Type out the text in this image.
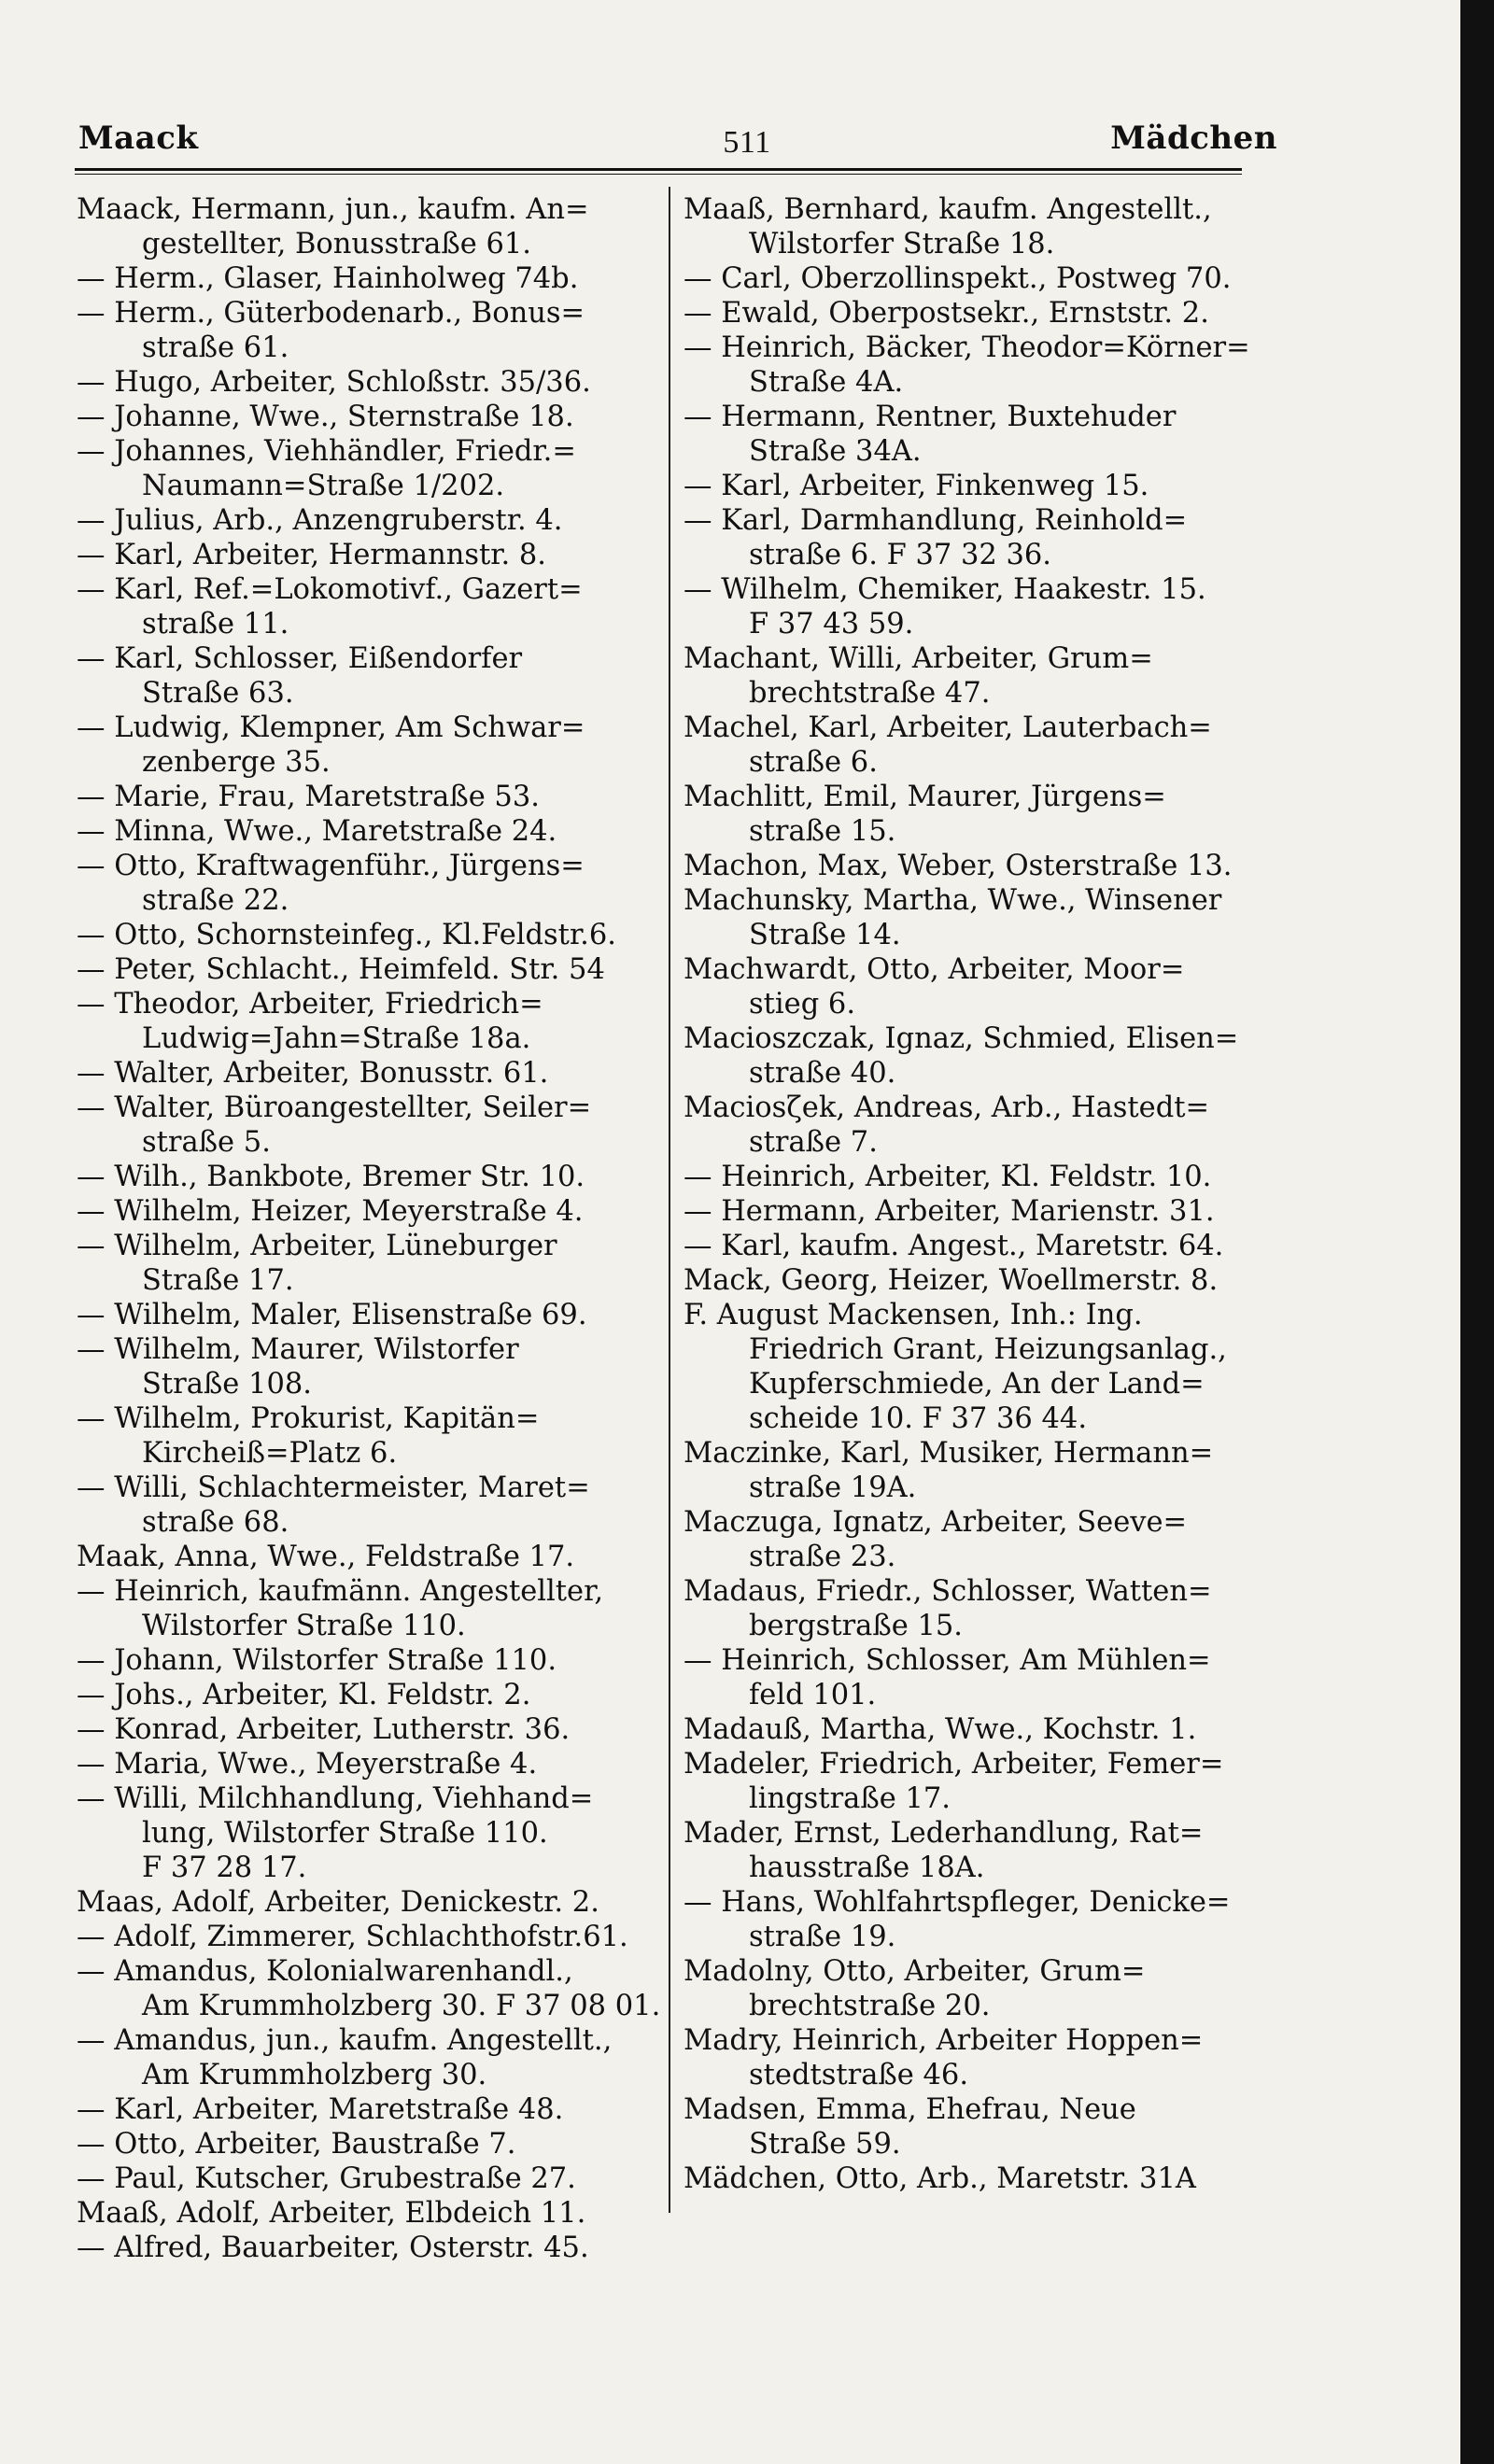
Maack	511	Mädchen
Maack, Hermann, jun., kaufm. An=
gestellter, Bonusstraße 61.
— Herm., Glaser, Hainholweg 74b.
— Herm., Güterbodenarb., Bonus=
straße 61.
— Hugo, Arbeiter, Schloßstr. 35/36.
— Johanne, Wwe., Sternstraße 18.
— Johannes, Viehhändler, Friedr.=
Naumann=Straße 1/202.
— Julius, Arb., Anzengruberstr. 4.
— Karl, Arbeiter, Hermannstr. 8.
— Karl, Ref.=Lokomotivf., Gazert=
straße 11.
— Karl, Schlosser, Eißendorfer
Straße 63.
— Ludwig, Klempner, Am Schwar=
zenberge 35.
— Marie, Frau, Maretstraße 53.
— Minna, Wwe., Maretstraße 24.
— Otto, Kraftwagenführ., Jürgens=
straße 22.
— Otto, Schornsteinfeg., Kl.Feldstr.6.
— Peter, Schlacht., Heimfeld. Str. 54
— Theodor, Arbeiter, Friedrich=
Ludwig=Jahn=Straße 18a.
— Walter, Arbeiter, Bonusstr. 61.
— Walter, Büroangestellter, Seiler=
straße 5.
— Wilh., Bankbote, Bremer Str. 10.
— Wilhelm, Heizer, Meyerstraße 4.
— Wilhelm, Arbeiter, Lüneburger
Straße 17.
— Wilhelm, Maler, Elisenstraße 69.
— Wilhelm, Maurer, Wilstorfer
Straße 108.
— Wilhelm, Prokurist, Kapitän=
Kircheiß=Platz 6.
— Willi, Schlachtermeister, Maret=
straße 68.
Maak, Anna, Wwe., Feldstraße 17.
— Heinrich, kaufmänn. Angestellter,
Wilstorfer Straße 110.
— Johann, Wilstorfer Straße 110.
— Johs., Arbeiter, Kl. Feldstr. 2.
— Konrad, Arbeiter, Lutherstr. 36.
— Maria, Wwe., Meyerstraße 4.
— Willi, Milchhandlung, Viehhand=
lung, Wilstorfer Straße 110.
F 37 28 17.
Maas, Adolf, Arbeiter, Denickestr. 2.
— Adolf, Zimmerer, Schlachthofstr.61.
— Amandus, Kolonialwarenhandl.,
Am Krummholzberg 30. F 37 08 01.
— Amandus, jun., kaufm. Angestellt.,
Am Krummholzberg 30.
— Karl, Arbeiter, Maretstraße 48.
— Otto, Arbeiter, Baustraße 7.
— Paul, Kutscher, Grubestraße 27.
Maaß, Adolf, Arbeiter, Elbdeich 11.
— Alfred, Bauarbeiter, Osterstr. 45.
Maaß, Bernhard, kaufm. Angestellt.,
Wilstorfer Straße 18.
— Carl, Oberzollinspekt., Postweg 70.
— Ewald, Oberpostsekr., Ernststr. 2.
— Heinrich, Bäcker, Theodor=Körner=
Straße 4A.
— Hermann, Rentner, Buxtehuder
Straße 34A.
— Karl, Arbeiter, Finkenweg 15.
— Karl, Darmhandlung, Reinhold=
straße 6. F 37 32 36.
— Wilhelm, Chemiker, Haakestr. 15.
F 37 43 59.
Machant, Willi, Arbeiter, Grum=
brechtstraße 47.
Machel, Karl, Arbeiter, Lauterbach=
straße 6.
Machlitt, Emil, Maurer, Jürgens=
straße 15.
Machon, Max, Weber, Osterstraße 13.
Machunsky, Martha, Wwe., Winsener
Straße 14.
Machwardt, Otto, Arbeiter, Moor=
stieg 6.
Macioszczak, Ignaz, Schmied, Elisen=
straße 40.
Maciosζek, Andreas, Arb., Hastedt=
straße 7.
— Heinrich, Arbeiter, Kl. Feldstr. 10.
— Hermann, Arbeiter, Marienstr. 31.
— Karl, kaufm. Angest., Maretstr. 64.
Mack, Georg, Heizer, Woellmerstr. 8.
F. August Mackensen, Inh.: Ing.
Friedrich Grant, Heizungsanlag.,
Kupferschmiede, An der Land=
scheide 10. F 37 36 44.
Maczinke, Karl, Musiker, Hermann=
straße 19A.
Maczuga, Ignatz, Arbeiter, Seeve=
straße 23.
Madaus, Friedr., Schlosser, Watten=
bergstraße 15.
— Heinrich, Schlosser, Am Mühlen=
feld 101.
Madauß, Martha, Wwe., Kochstr. 1.
Madeler, Friedrich, Arbeiter, Femer=
lingstraße 17.
Mader, Ernst, Lederhandlung, Rat=
hausstraße 18A.
— Hans, Wohlfahrtspfleger, Denicke=
straße 19.
Madolny, Otto, Arbeiter, Grum=
brechtstraße 20.
Madry, Heinrich, Arbeiter Hoppen=
stedtstraße 46.
Madsen, Emma, Ehefrau, Neue
Straße 59.
Mädchen, Otto, Arb., Maretstr. 31A
